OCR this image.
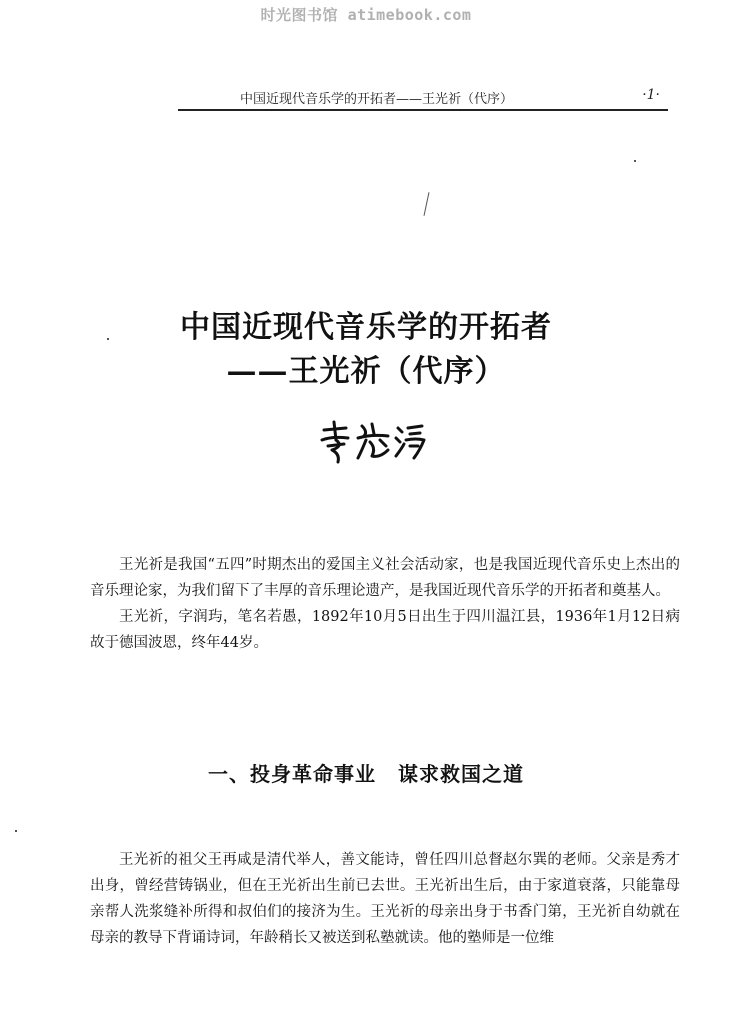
时光图书馆 atimebook.com
中国近现代音乐学的开拓者——王光祈（代序）	·1·
中国近现代音乐学的开拓者
——王光祈（代序）

王光祈是我国“五四”时期杰出的爱国主义社会活动家，也是我国近现代音乐史上杰出的音乐理论家，为我们留下了丰厚的音乐理论遗产，是我国近现代音乐学的开拓者和奠基人。

王光祈，字润玙，笔名若愚，1892年10月5日出生于四川温江县，1936年1月12日病故于德国波恩，终年44岁。

一、投身革命事业 谋求救国之道

王光祈的祖父王再咸是清代举人，善文能诗，曾任四川总督赵尔巽的老师。父亲是秀才出身，曾经营铸锅业，但在王光祈出生前已去世。王光祈出生后，由于家道衰落，只能靠母亲帮人洗浆缝补所得和叔伯们的接济为生。王光祈的母亲出身于书香门第，王光祈自幼就在母亲的教导下背诵诗词，年龄稍长又被送到私塾就读。他的塾师是一位维
